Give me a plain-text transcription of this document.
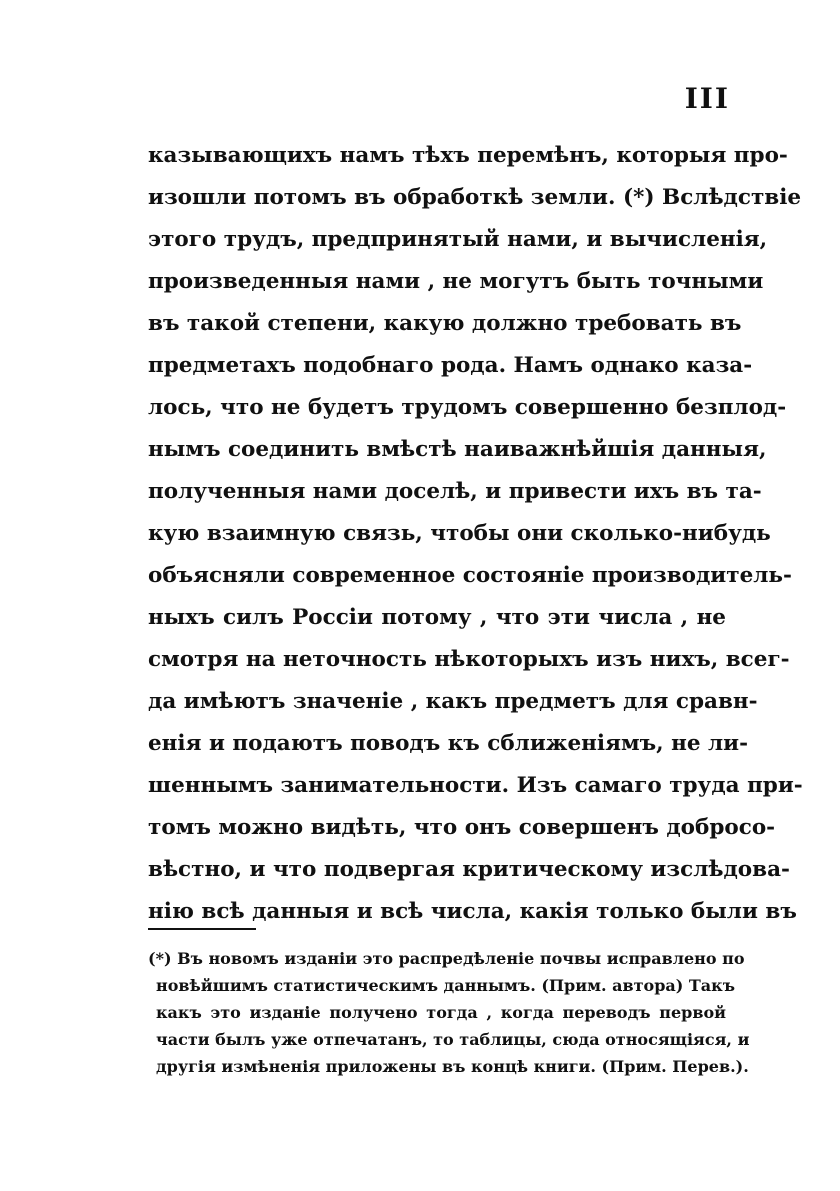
III
казывающихъ намъ тѣхъ перемѣнъ, которыя про-
изошли потомъ въ обработкѣ земли. (*) Вслѣдствіе
этого трудъ, предпринятый нами, и вычисленія,
произведенныя нами , не могутъ быть точными
въ такой степени, какую должно требовать въ
предметахъ подобнаго рода. Намъ однако каза-
лось, что не будетъ трудомъ совершенно безплод-
нымъ соединить вмѣстѣ наиважнѣйшія данныя,
полученныя нами доселѣ, и привести ихъ въ та-
кую взаимную связь, чтобы они сколько-нибудь
объясняли современное состояніе производитель-
ныхъ силъ Россіи потому , что эти числа , не
смотря на неточность нѣкоторыхъ изъ нихъ, всег-
да имѣютъ значеніе , какъ предметъ для сравн-
енія и подаютъ поводъ къ сближеніямъ, не ли-
шеннымъ занимательности. Изъ самаго труда при-
томъ можно видѣть, что онъ совершенъ добросо-
вѣстно, и что подвергая критическому изслѣдова-
нію всѣ данныя и всѣ числа, какія только были въ
(*) Въ новомъ изданіи это распредѣленіе почвы исправлено по
новѣйшимъ статистическимъ даннымъ. (Прим. автора) Такъ
какъ это изданіе получено тогда , когда переводъ первой
части былъ уже отпечатанъ, то таблицы, сюда относящіяся, и
другія измѣненія приложены въ концѣ книги. (Прим. Перев.).
